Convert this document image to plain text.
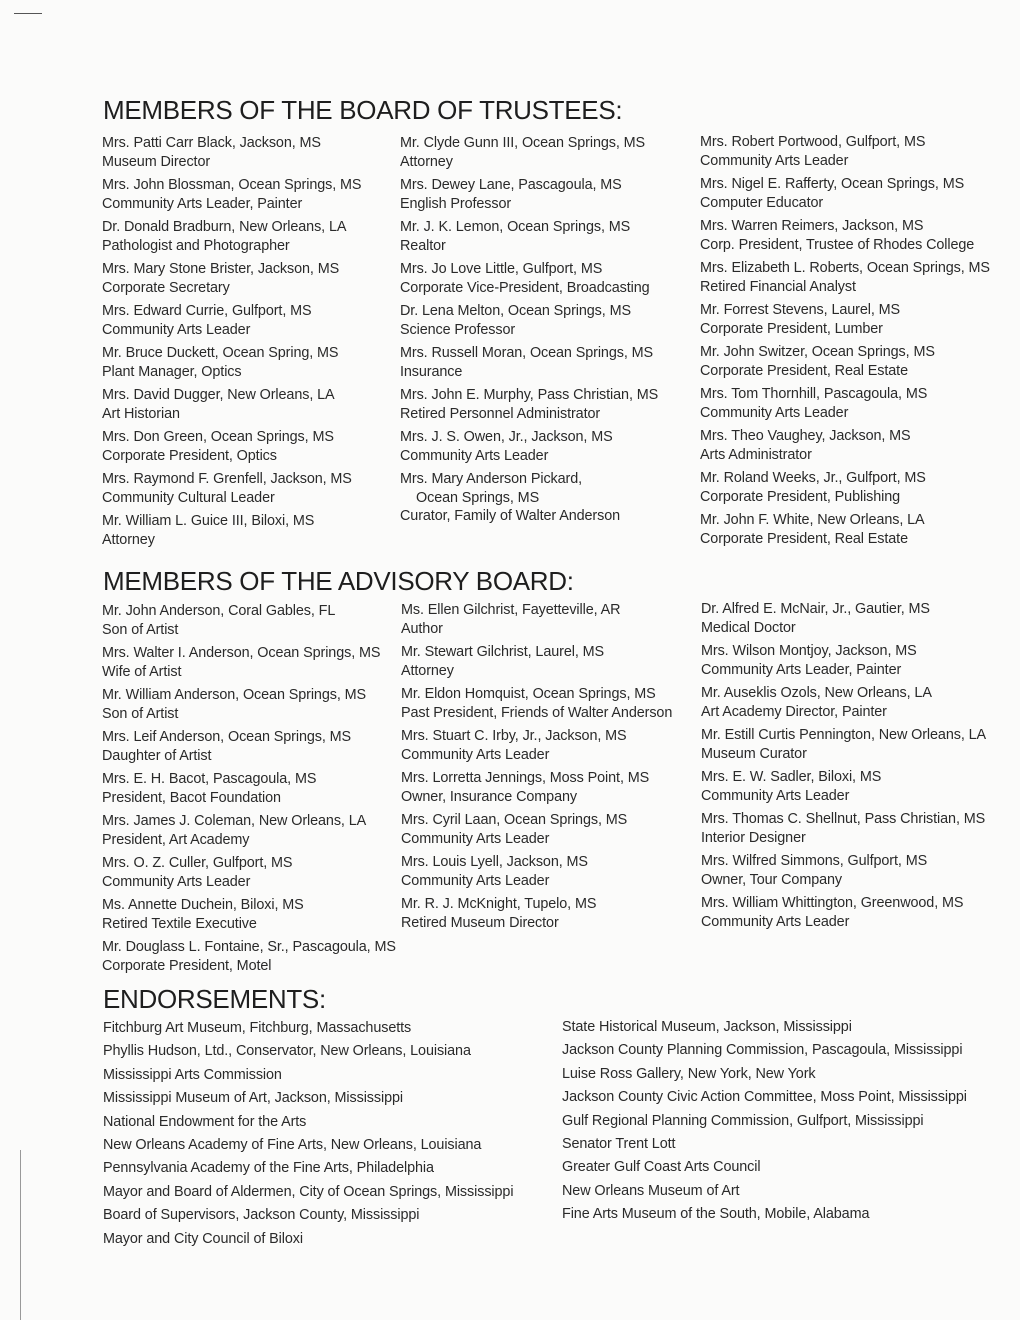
MEMBERS OF THE BOARD OF TRUSTEES:
Mrs. Patti Carr Black, Jackson, MS
Museum Director
Mrs. John Blossman, Ocean Springs, MS
Community Arts Leader, Painter
Dr. Donald Bradburn, New Orleans, LA
Pathologist and Photographer
Mrs. Mary Stone Brister, Jackson, MS
Corporate Secretary
Mrs. Edward Currie, Gulfport, MS
Community Arts Leader
Mr. Bruce Duckett, Ocean Spring, MS
Plant Manager, Optics
Mrs. David Dugger, New Orleans, LA
Art Historian
Mrs. Don Green, Ocean Springs, MS
Corporate President, Optics
Mrs. Raymond F. Grenfell, Jackson, MS
Community Cultural Leader
Mr. William L. Guice III, Biloxi, MS
Attorney
Mr. Clyde Gunn III, Ocean Springs, MS
Attorney
Mrs. Dewey Lane, Pascagoula, MS
English Professor
Mr. J. K. Lemon, Ocean Springs, MS
Realtor
Mrs. Jo Love Little, Gulfport, MS
Corporate Vice-President, Broadcasting
Dr. Lena Melton, Ocean Springs, MS
Science Professor
Mrs. Russell Moran, Ocean Springs, MS
Insurance
Mrs. John E. Murphy, Pass Christian, MS
Retired Personnel Administrator
Mrs. J. S. Owen, Jr., Jackson, MS
Community Arts Leader
Mrs. Mary Anderson Pickard,
Ocean Springs, MS
Curator, Family of Walter Anderson
Mrs. Robert Portwood, Gulfport, MS
Community Arts Leader
Mrs. Nigel E. Rafferty, Ocean Springs, MS
Computer Educator
Mrs. Warren Reimers, Jackson, MS
Corp. President, Trustee of Rhodes College
Mrs. Elizabeth L. Roberts, Ocean Springs, MS
Retired Financial Analyst
Mr. Forrest Stevens, Laurel, MS
Corporate President, Lumber
Mr. John Switzer, Ocean Springs, MS
Corporate President, Real Estate
Mrs. Tom Thornhill, Pascagoula, MS
Community Arts Leader
Mrs. Theo Vaughey, Jackson, MS
Arts Administrator
Mr. Roland Weeks, Jr., Gulfport, MS
Corporate President, Publishing
Mr. John F. White, New Orleans, LA
Corporate President, Real Estate
MEMBERS OF THE ADVISORY BOARD:
Mr. John Anderson, Coral Gables, FL
Son of Artist
Mrs. Walter I. Anderson, Ocean Springs, MS
Wife of Artist
Mr. William Anderson, Ocean Springs, MS
Son of Artist
Mrs. Leif Anderson, Ocean Springs, MS
Daughter of Artist
Mrs. E. H. Bacot, Pascagoula, MS
President, Bacot Foundation
Mrs. James J. Coleman, New Orleans, LA
President, Art Academy
Mrs. O. Z. Culler, Gulfport, MS
Community Arts Leader
Ms. Annette Duchein, Biloxi, MS
Retired Textile Executive
Mr. Douglass L. Fontaine, Sr., Pascagoula, MS
Corporate President, Motel
Ms. Ellen Gilchrist, Fayetteville, AR
Author
Mr. Stewart Gilchrist, Laurel, MS
Attorney
Mr. Eldon Homquist, Ocean Springs, MS
Past President, Friends of Walter Anderson
Mrs. Stuart C. Irby, Jr., Jackson, MS
Community Arts Leader
Mrs. Lorretta Jennings, Moss Point, MS
Owner, Insurance Company
Mrs. Cyril Laan, Ocean Springs, MS
Community Arts Leader
Mrs. Louis Lyell, Jackson, MS
Community Arts Leader
Mr. R. J. McKnight, Tupelo, MS
Retired Museum Director
Dr. Alfred E. McNair, Jr., Gautier, MS
Medical Doctor
Mrs. Wilson Montjoy, Jackson, MS
Community Arts Leader, Painter
Mr. Auseklis Ozols, New Orleans, LA
Art Academy Director, Painter
Mr. Estill Curtis Pennington, New Orleans, LA
Museum Curator
Mrs. E. W. Sadler, Biloxi, MS
Community Arts Leader
Mrs. Thomas C. Shellnut, Pass Christian, MS
Interior Designer
Mrs. Wilfred Simmons, Gulfport, MS
Owner, Tour Company
Mrs. William Whittington, Greenwood, MS
Community Arts Leader
ENDORSEMENTS:
Fitchburg Art Museum, Fitchburg, Massachusetts
Phyllis Hudson, Ltd., Conservator, New Orleans, Louisiana
Mississippi Arts Commission
Mississippi Museum of Art, Jackson, Mississippi
National Endowment for the Arts
New Orleans Academy of Fine Arts, New Orleans, Louisiana
Pennsylvania Academy of the Fine Arts, Philadelphia
Mayor and Board of Aldermen, City of Ocean Springs, Mississippi
Board of Supervisors, Jackson County, Mississippi
Mayor and City Council of Biloxi
State Historical Museum, Jackson, Mississippi
Jackson County Planning Commission, Pascagoula, Mississippi
Luise Ross Gallery, New York, New York
Jackson County Civic Action Committee, Moss Point, Mississippi
Gulf Regional Planning Commission, Gulfport, Mississippi
Senator Trent Lott
Greater Gulf Coast Arts Council
New Orleans Museum of Art
Fine Arts Museum of the South, Mobile, Alabama
